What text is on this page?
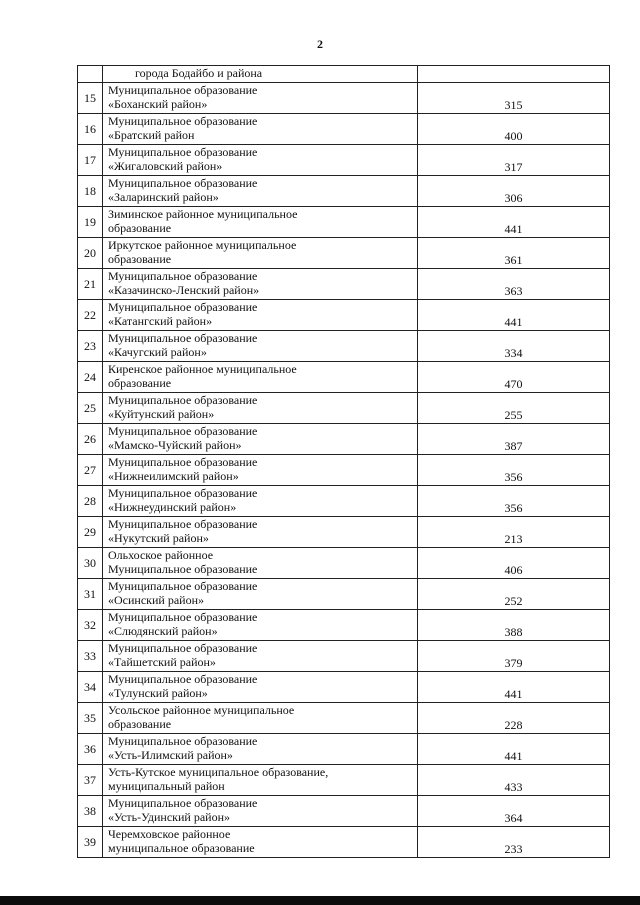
2
	города Бодайбо и района	
15	Муниципальное образование
«Боханский район»	315
16	Муниципальное образование
«Братский район	400
17	Муниципальное образование
«Жигаловский район»	317
18	Муниципальное образование
«Заларинский район»	306
19	Зиминское районное муниципальное
образование	441
20	Иркутское районное муниципальное
образование	361
21	Муниципальное образование
«Казачинско-Ленский район»	363
22	Муниципальное образование
«Катангский район»	441
23	Муниципальное образование
«Качугский район»	334
24	Киренское районное муниципальное
образование	470
25	Муниципальное образование
«Куйтунский район»	255
26	Муниципальное образование
«Мамско-Чуйский район»	387
27	Муниципальное образование
«Нижнеилимский район»	356
28	Муниципальное образование
«Нижнеудинский район»	356
29	Муниципальное образование
«Нукутский район»	213
30	Ольхоское районное
Муниципальное образование	406
31	Муниципальное образование
«Осинский район»	252
32	Муниципальное образование
«Слюдянский район»	388
33	Муниципальное образование
«Тайшетский район»	379
34	Муниципальное образование
«Тулунский район»	441
35	Усольское районное муниципальное
образование	228
36	Муниципальное образование
«Усть-Илимский район»	441
37	Усть-Кутское муниципальное образование,
муниципальный район	433
38	Муниципальное образование
«Усть-Удинский район»	364
39	Черемховское районное
муниципальное образование	233
